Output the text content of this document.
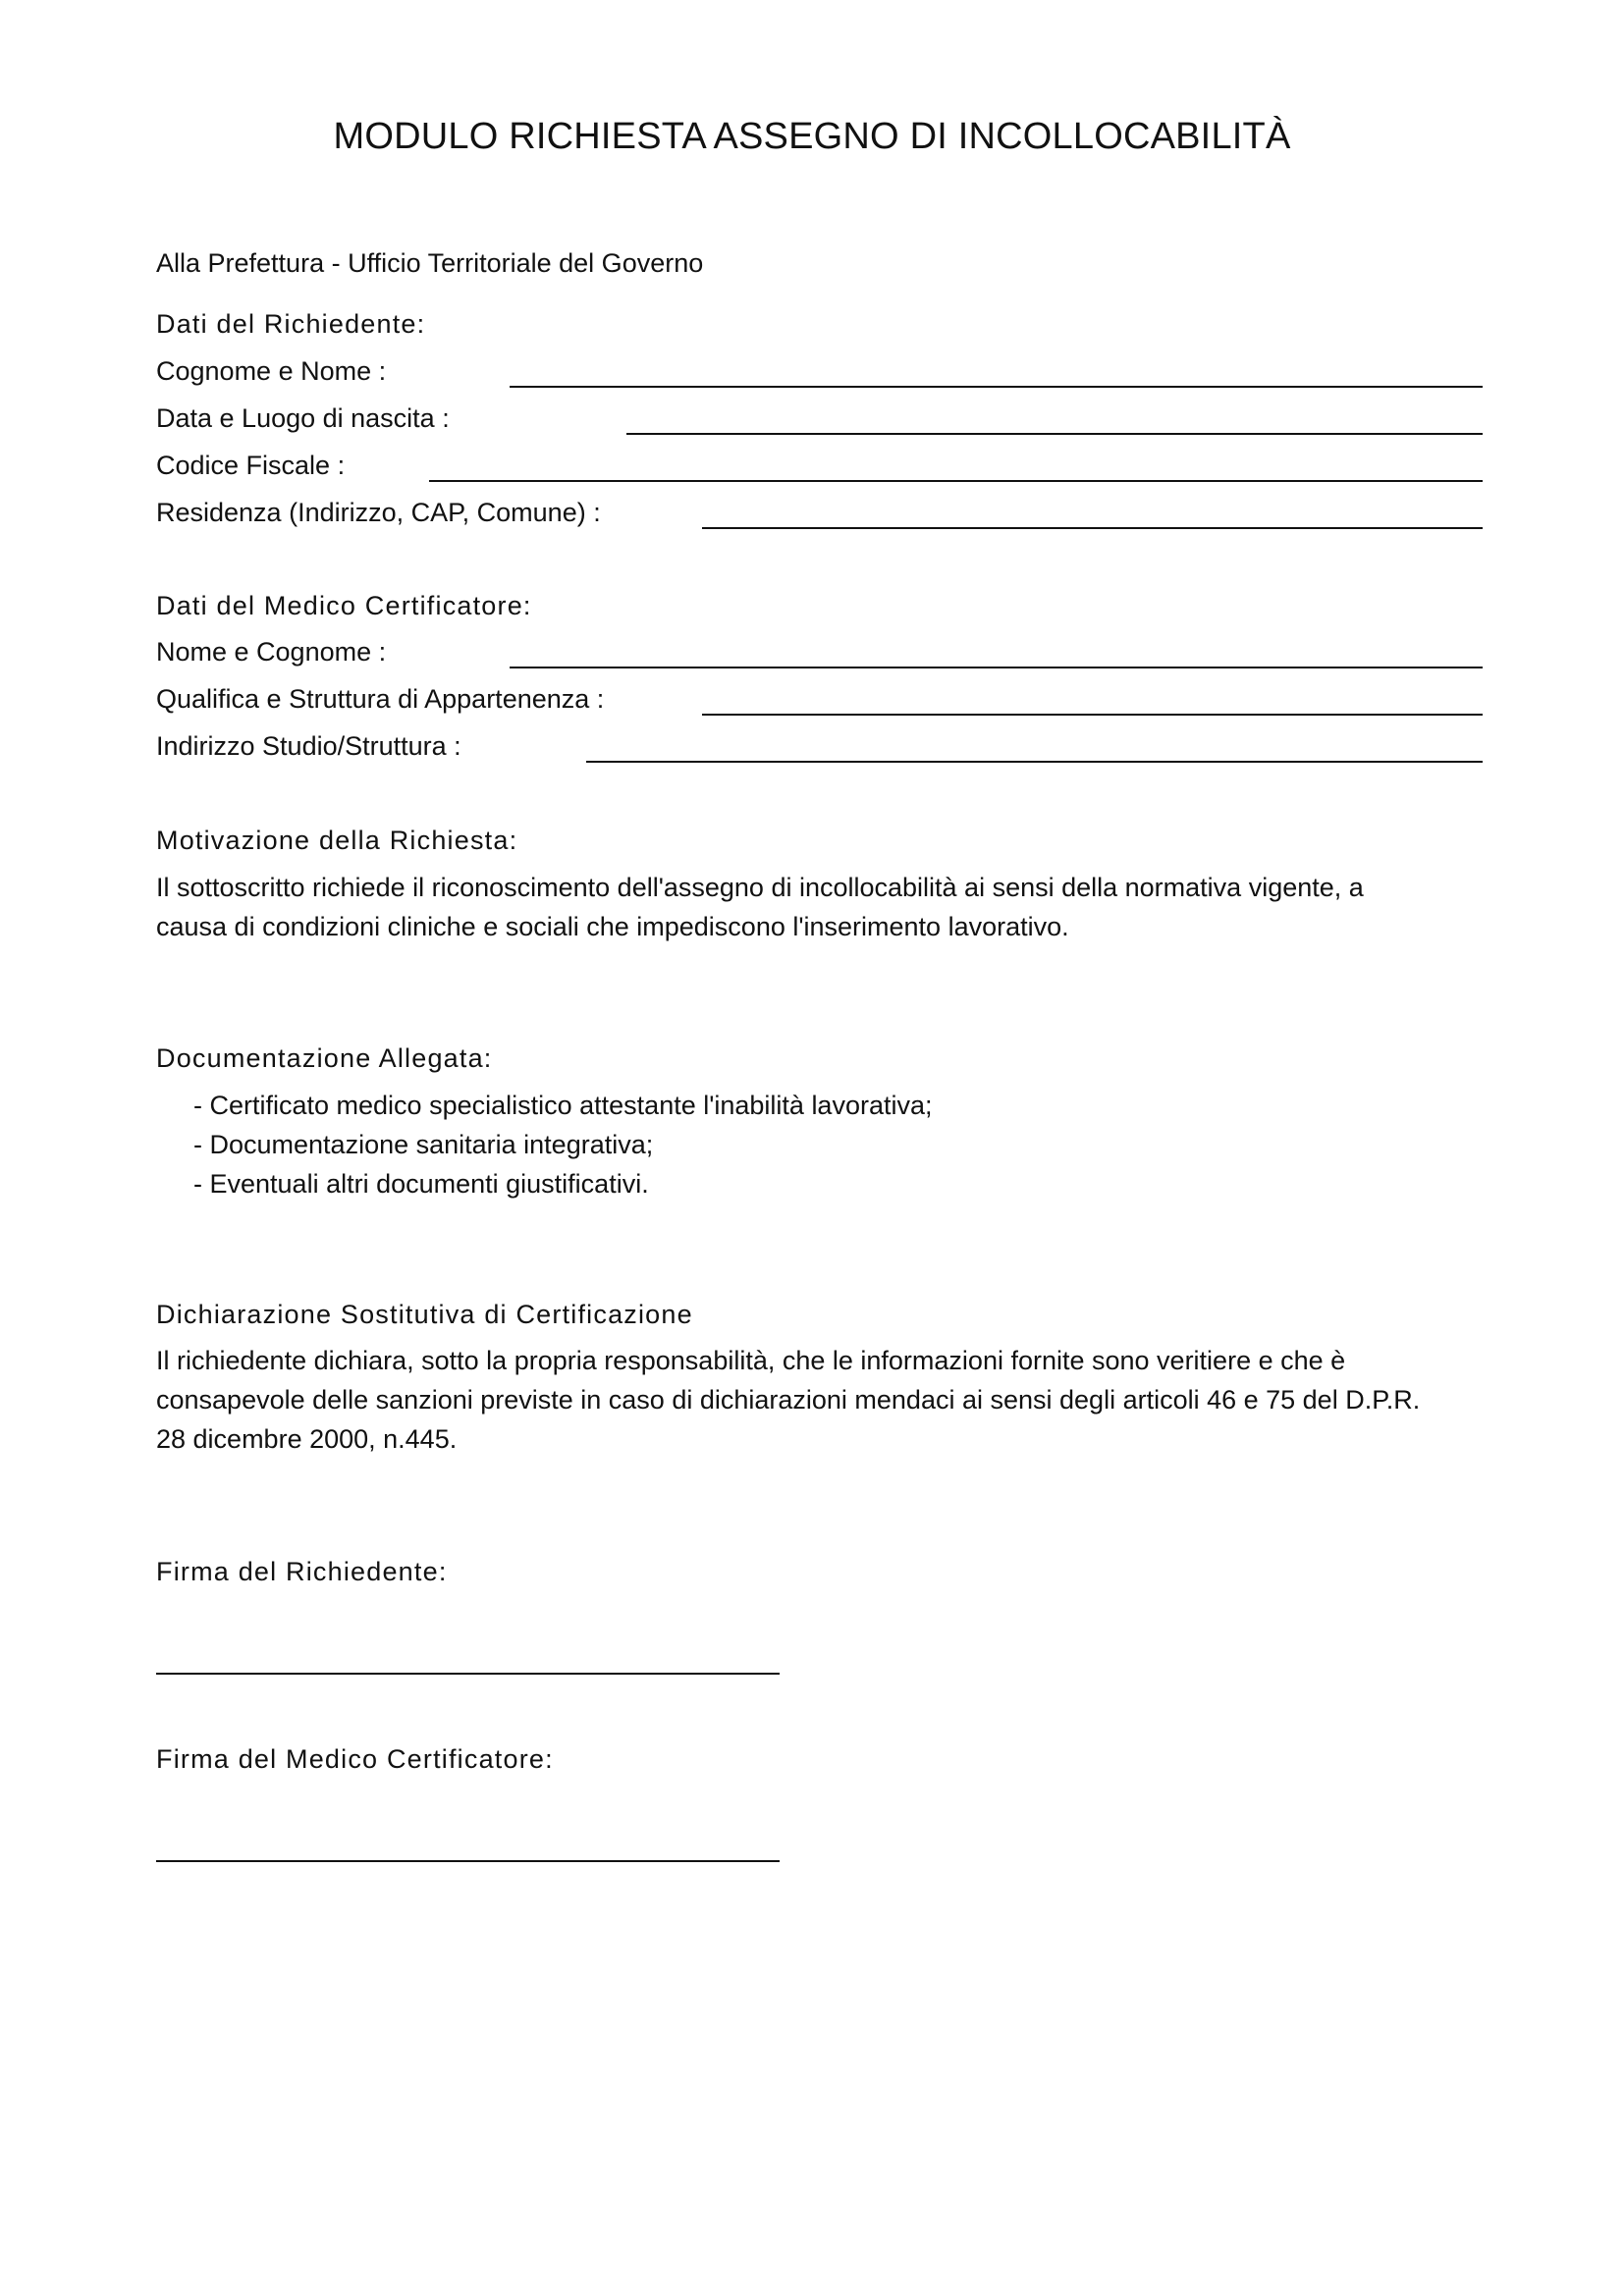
MODULO RICHIESTA ASSEGNO DI INCOLLOCABILITÀ
Alla Prefettura - Ufficio Territoriale del Governo
Dati del Richiedente:
Cognome e Nome :
Data e Luogo di nascita :
Codice Fiscale :
Residenza (Indirizzo, CAP, Comune) :
Dati del Medico Certificatore:
Nome e Cognome :
Qualifica e Struttura di Appartenenza :
Indirizzo Studio/Struttura :
Motivazione della Richiesta:

Il sottoscritto richiede il riconoscimento dell'assegno di incollocabilità ai sensi della normativa vigente, a

causa di condizioni cliniche e sociali che impediscono l'inserimento lavorativo.

Documentazione Allegata:
- Certificato medico specialistico attestante l'inabilità lavorativa;
- Documentazione sanitaria integrativa;
- Eventuali altri documenti giustificativi.
Dichiarazione Sostitutiva di Certificazione

Il richiedente dichiara, sotto la propria responsabilità, che le informazioni fornite sono veritiere e che è

consapevole delle sanzioni previste in caso di dichiarazioni mendaci ai sensi degli articoli 46 e 75 del D.P.R.

28 dicembre 2000, n.445.

Firma del Richiedente:
Firma del Medico Certificatore:
